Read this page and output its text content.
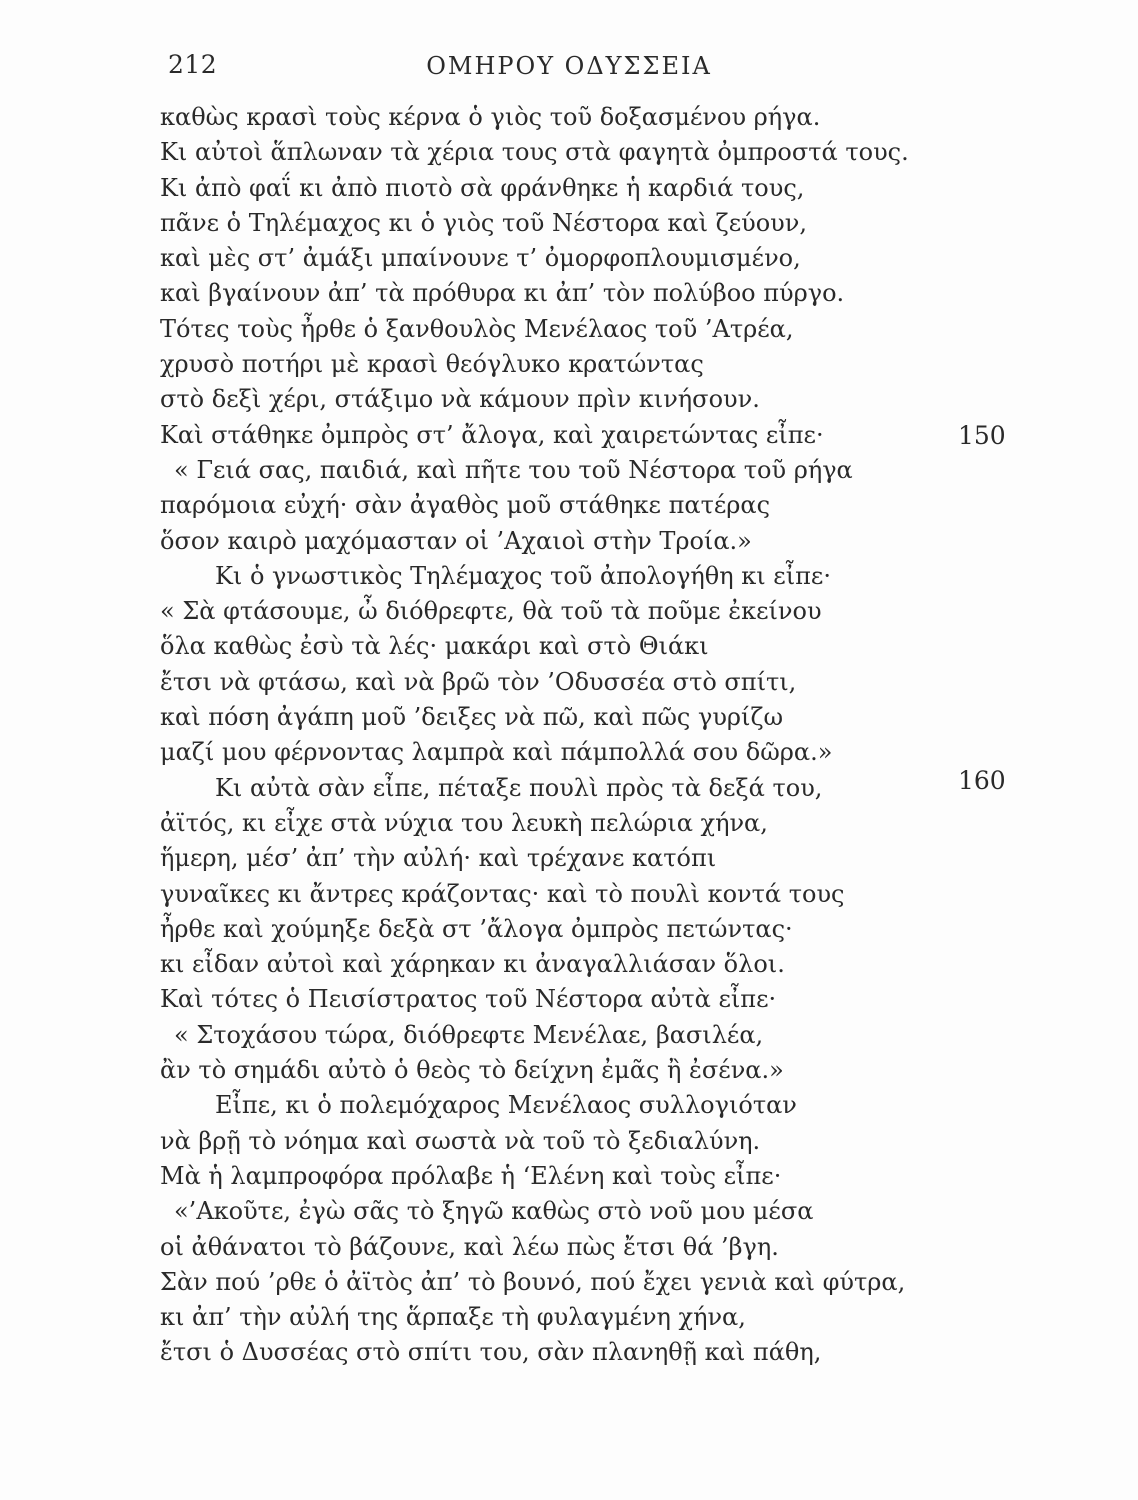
212	ΟΜΗΡΟΥ ΟΔΥΣΣΕΙΑ
καθὼς κρασὶ τοὺς κέρνα ὁ γιὸς τοῦ δοξασμένου ρήγα.
Κι αὐτοὶ ἅπλωναν τὰ χέρια τους στὰ φαγητὰ ὀμπροστά τους.
Κι ἀπὸ φαΐ κι ἀπὸ πιοτὸ σὰ φράνθηκε ἡ καρδιά τους,
πᾶνε ὁ Τηλέμαχος κι ὁ γιὸς τοῦ Νέστορα καὶ ζεύουν,
καὶ μὲς στ’ ἀμάξι μπαίνουνε τ’ ὀμορφοπλουμισμένο,
καὶ βγαίνουν ἀπ’ τὰ πρόθυρα κι ἀπ’ τὸν πολύβοο πύργο.
Τότες τοὺς ἦρθε ὁ ξανθουλὸς Μενέλαος τοῦ ’Ατρέα,
χρυσὸ ποτήρι μὲ κρασὶ θεόγλυκο κρατώντας
στὸ δεξὶ χέρι, στάξιμο νὰ κάμουν πρὶν κινήσουν.
Καὶ στάθηκε ὀμπρὸς στ’ ἄλογα, καὶ χαιρετώντας εἶπε·
« Γειά σας, παιδιά, καὶ πῆτε του τοῦ Νέστορα τοῦ ρήγα
παρόμοια εὐχή· σὰν ἀγαθὸς μοῦ στάθηκε πατέρας
ὅσον καιρὸ μαχόμασταν οἱ ’Αχαιοὶ στὴν Τροία.»
Κι ὁ γνωστικὸς Τηλέμαχος τοῦ ἀπολογήθη κι εἶπε·
« Σὰ φτάσουμε, ὦ διόθρεφτε, θὰ τοῦ τὰ ποῦμε ἐκείνου
ὅλα καθὼς ἐσὺ τὰ λές· μακάρι καὶ στὸ Θιάκι
ἔτσι νὰ φτάσω, καὶ νὰ βρῶ τὸν ’Οδυσσέα στὸ σπίτι,
καὶ πόση ἀγάπη μοῦ ’δειξες νὰ πῶ, καὶ πῶς γυρίζω
μαζί μου φέρνοντας λαμπρὰ καὶ πάμπολλά σου δῶρα.»
Κι αὐτὰ σὰν εἶπε, πέταξε πουλὶ πρὸς τὰ δεξά του,
ἀϊτός, κι εἶχε στὰ νύχια του λευκὴ πελώρια χήνα,
ἥμερη, μέσ’ ἀπ’ τὴν αὐλή· καὶ τρέχανε κατόπι
γυναῖκες κι ἄντρες κράζοντας· καὶ τὸ πουλὶ κοντά τους
ἦρθε καὶ χούμηξε δεξὰ στ ’ἄλογα ὀμπρὸς πετώντας·
κι εἶδαν αὐτοὶ καὶ χάρηκαν κι ἀναγαλλιάσαν ὅλοι.
Καὶ τότες ὁ Πεισίστρατος τοῦ Νέστορα αὐτὰ εἶπε·
« Στοχάσου τώρα, διόθρεφτε Μενέλαε, βασιλέα,
ἂν τὸ σημάδι αὐτὸ ὁ θεὸς τὸ δείχνη ἐμᾶς ἢ ἐσένα.»
Εἶπε, κι ὁ πολεμόχαρος Μενέλαος συλλογιόταν
νὰ βρῇ τὸ νόημα καὶ σωστὰ νὰ τοῦ τὸ ξεδιαλύνη.
Μὰ ἡ λαμπροφόρα πρόλαβε ἡ ‘Ελένη καὶ τοὺς εἶπε·
«’Ακοῦτε, ἐγὼ σᾶς τὸ ξηγῶ καθὼς στὸ νοῦ μου μέσα
οἱ ἀθάνατοι τὸ βάζουνε, καὶ λέω πὼς ἔτσι θά ’βγη.
Σὰν πού ’ρθε ὁ ἀϊτὸς ἀπ’ τὸ βουνό, πού ἔχει γενιὰ καὶ φύτρα,
κι ἀπ’ τὴν αὐλή της ἅρπαξε τὴ φυλαγμένη χήνα,
ἔτσι ὁ Δυσσέας στὸ σπίτι του, σὰν πλανηθῇ καὶ πάθη,
150
160
